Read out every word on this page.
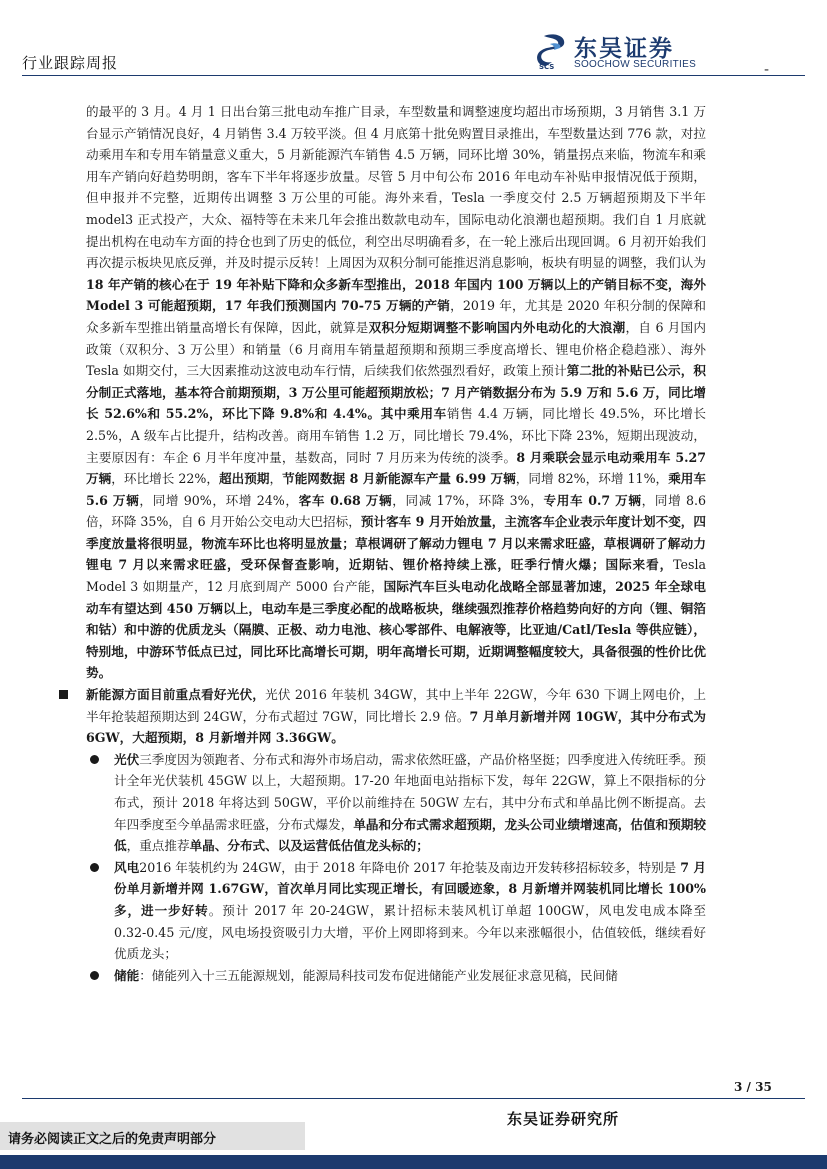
行业跟踪周报	-
SCS
东吴证券
SOOCHOW SECURITIES

的最平的 3 月。4 月 1 日出台第三批电动车推广目录，车型数量和调整速度均超出市场预期，3 月销售 3.1 万台显示产销情况良好，4 月销售 3.4 万较平淡。但 4 月底第十批免购置目录推出，车型数量达到 776 款，对拉动乘用车和专用车销量意义重大，5 月新能源汽车销售 4.5 万辆，同环比增 30%，销量拐点来临，物流车和乘用车产销向好趋势明朗，客车下半年将逐步放量。尽管 5 月中旬公布 2016 年电动车补贴申报情况低于预期，但申报并不完整，近期传出调整 3 万公里的可能。海外来看，Tesla 一季度交付 2.5 万辆超预期及下半年 model3 正式投产，大众、福特等在未来几年会推出数款电动车，国际电动化浪潮也超预期。我们自 1 月底就提出机构在电动车方面的持仓也到了历史的低位，利空出尽明确看多，在一轮上涨后出现回调。6 月初开始我们再次提示板块见底反弹，并及时提示反转！上周因为双积分制可能推迟消息影响，板块有明显的调整，我们认为18 年产销的核心在于 19 年补贴下降和众多新车型推出，2018 年国内 100 万辆以上的产销目标不变，海外 Model 3 可能超预期，17 年我们预测国内 70-75 万辆的产销，2019 年，尤其是 2020 年积分制的保障和众多新车型推出销量高增长有保障，因此，就算是双积分短期调整不影响国内外电动化的大浪潮，自 6 月国内政策（双积分、3 万公里）和销量（6 月商用车销量超预期和预期三季度高增长、锂电价格企稳趋涨）、海外 Tesla 如期交付，三大因素推动这波电动车行情，后续我们依然强烈看好，政策上预计第二批的补贴已公示，积分制正式落地，基本符合前期预期，3 万公里可能超预期放松；7 月产销数据分布为 5.9 万和 5.6 万，同比增长 52.6%和 55.2%，环比下降 9.8%和 4.4%。其中乘用车销售 4.4 万辆，同比增长 49.5%，环比增长 2.5%，A 级车占比提升，结构改善。商用车销售 1.2 万，同比增长 79.4%，环比下降 23%，短期出现波动，主要原因有：车企 6 月半年度冲量，基数高，同时 7 月历来为传统的淡季。8 月乘联会显示电动乘用车 5.27 万辆，环比增长 22%，超出预期，节能网数据 8 月新能源车产量 6.99 万辆，同增 82%，环增 11%，乘用车 5.6 万辆，同增 90%，环增 24%，客车 0.68 万辆，同减 17%，环降 3%，专用车 0.7 万辆，同增 8.6 倍，环降 35%，自 6 月开始公交电动大巴招标，预计客车 9 月开始放量，主流客车企业表示年度计划不变，四季度放量将很明显，物流车环比也将明显放量；草根调研了解动力锂电 7 月以来需求旺盛，草根调研了解动力锂电 7 月以来需求旺盛，受环保督查影响，近期钴、锂价格持续上涨，旺季行情火爆；国际来看，Tesla Model 3 如期量产，12 月底到周产 5000 台产能，国际汽车巨头电动化战略全部显著加速，2025 年全球电动车有望达到 450 万辆以上，电动车是三季度必配的战略板块，继续强烈推荐价格趋势向好的方向（锂、铜箔和钴）和中游的优质龙头（隔膜、正极、动力电池、核心零部件、电解液等，比亚迪/Catl/Tesla 等供应链），特别地，中游环节低点已过，同比环比高增长可期，明年高增长可期，近期调整幅度较大，具备很强的性价比优势。

新能源方面目前重点看好光伏，光伏 2016 年装机 34GW，其中上半年 22GW，今年 630 下调上网电价，上半年抢装超预期达到 24GW，分布式超过 7GW，同比增长 2.9 倍。7 月单月新增并网 10GW，其中分布式为 6GW，大超预期，8 月新增并网 3.36GW。

光伏三季度因为领跑者、分布式和海外市场启动，需求依然旺盛，产品价格坚挺；四季度进入传统旺季。预计全年光伏装机 45GW 以上，大超预期。17-20 年地面电站指标下发，每年 22GW，算上不限指标的分布式，预计 2018 年将达到 50GW，平价以前维持在 50GW 左右，其中分布式和单晶比例不断提高。去年四季度至今单晶需求旺盛，分布式爆发，单晶和分布式需求超预期，龙头公司业绩增速高，估值和预期较低，重点推荐单晶、分布式、以及运营低估值龙头标的；

风电2016 年装机约为 24GW，由于 2018 年降电价 2017 年抢装及南边开发转移招标较多，特别是 7 月份单月新增并网 1.67GW，首次单月同比实现正增长，有回暖迹象，8 月新增并网装机同比增长 100%多，进一步好转。预计 2017 年 20-24GW，累计招标未装风机订单超 100GW，风电发电成本降至 0.32-0.45 元/度，风电场投资吸引力大增，平价上网即将到来。今年以来涨幅很小，估值较低，继续看好优质龙头；

储能：储能列入十三五能源规划，能源局科技司发布促进储能产业发展征求意见稿，民间储

3 / 35
东吴证券研究所
请务必阅读正文之后的免责声明部分
